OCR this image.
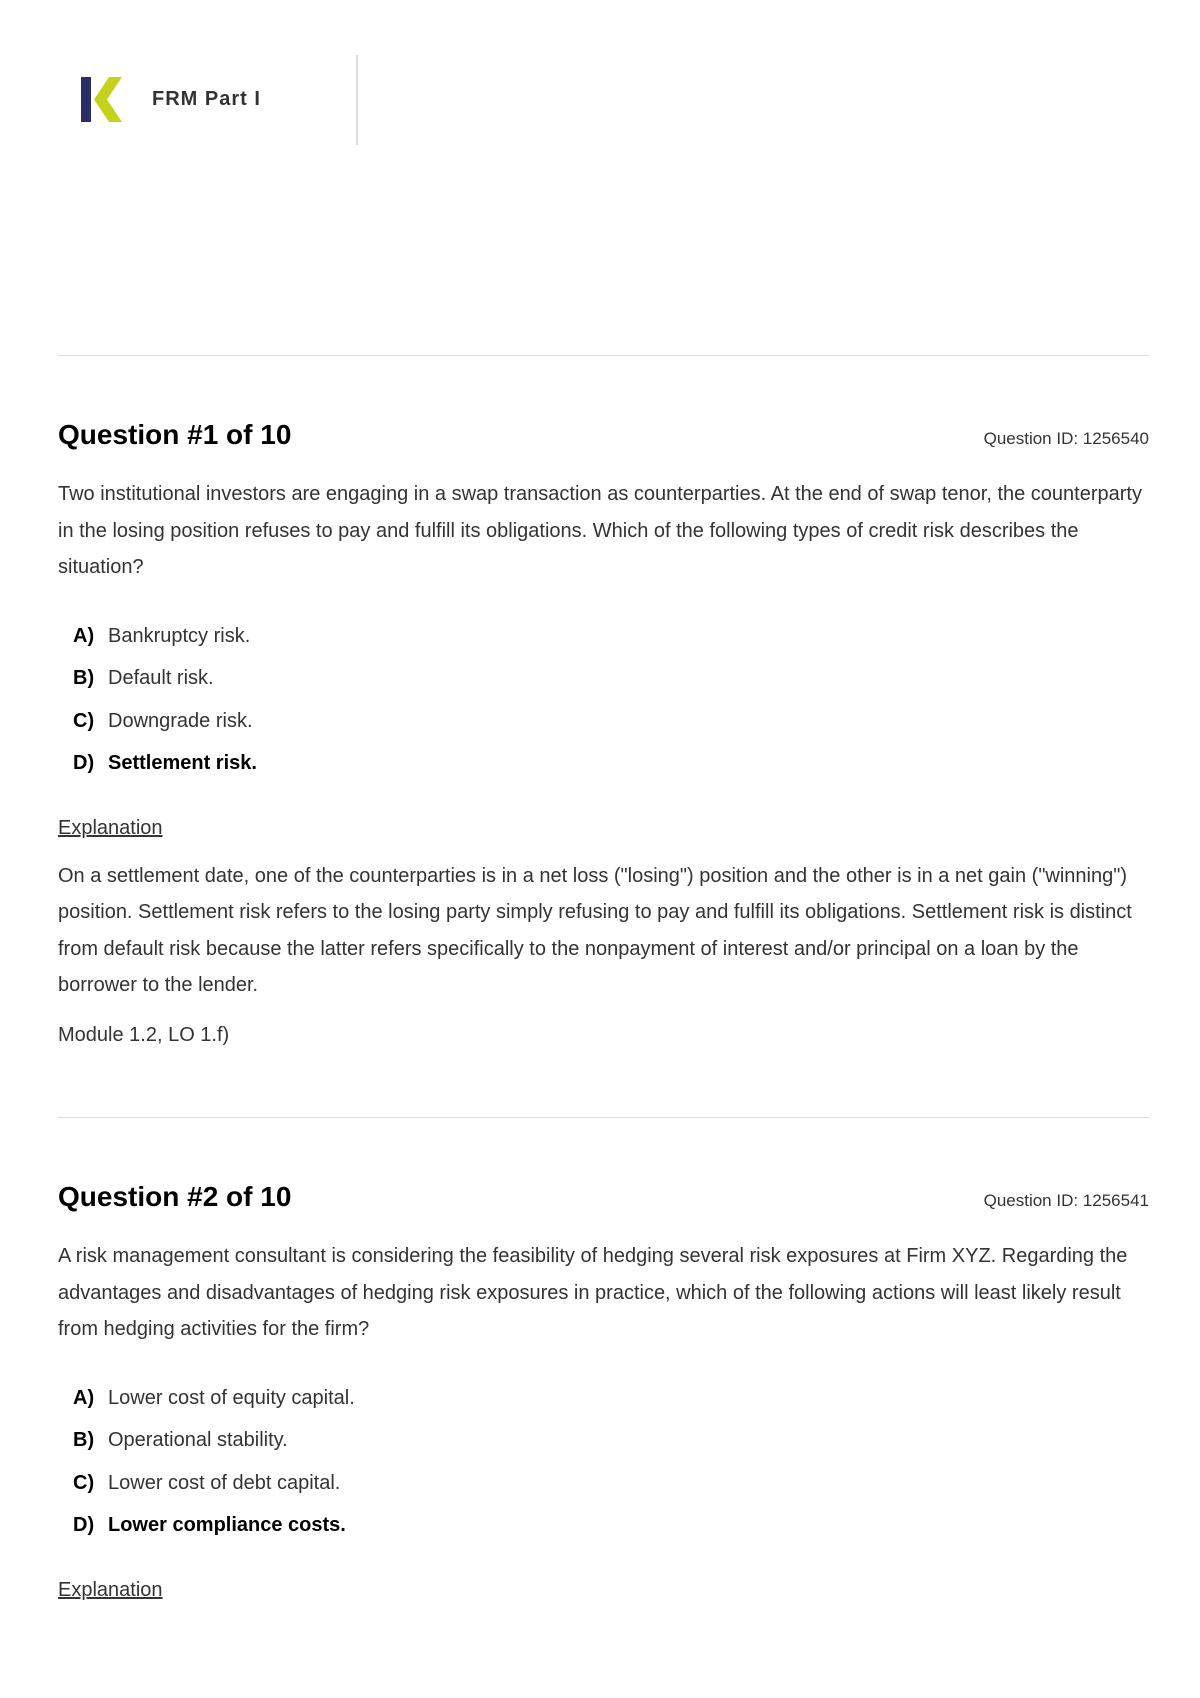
FRM Part I
Question #1 of 10	Question ID: 1256540
Two institutional investors are engaging in a swap transaction as counterparties. At the end of swap tenor, the counterparty in the losing position refuses to pay and fulfill its obligations. Which of the following types of credit risk describes the situation?
A) Bankruptcy risk.
B) Default risk.
C) Downgrade risk.
D) Settlement risk.
Explanation
On a settlement date, one of the counterparties is in a net loss ("losing") position and the other is in a net gain ("winning") position. Settlement risk refers to the losing party simply refusing to pay and fulfill its obligations. Settlement risk is distinct from default risk because the latter refers specifically to the nonpayment of interest and/or principal on a loan by the borrower to the lender.
Module 1.2, LO 1.f)
Question #2 of 10	Question ID: 1256541
A risk management consultant is considering the feasibility of hedging several risk exposures at Firm XYZ. Regarding the advantages and disadvantages of hedging risk exposures in practice, which of the following actions will least likely result from hedging activities for the firm?
A) Lower cost of equity capital.
B) Operational stability.
C) Lower cost of debt capital.
D) Lower compliance costs.
Explanation
